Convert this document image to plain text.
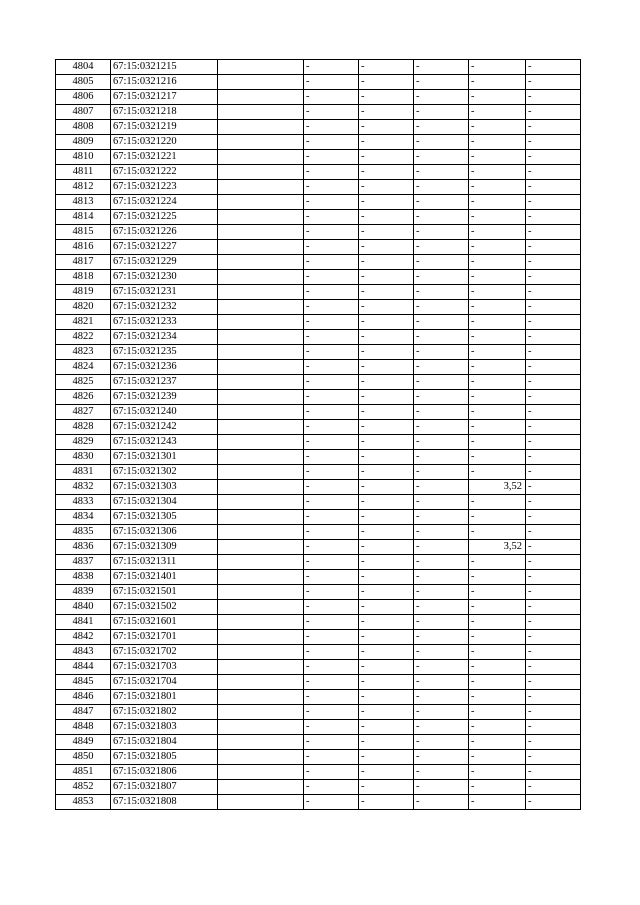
4804	67:15:0321215		-	-	-	-	-
4805	67:15:0321216		-	-	-	-	-
4806	67:15:0321217		-	-	-	-	-
4807	67:15:0321218		-	-	-	-	-
4808	67:15:0321219		-	-	-	-	-
4809	67:15:0321220		-	-	-	-	-
4810	67:15:0321221		-	-	-	-	-
4811	67:15:0321222		-	-	-	-	-
4812	67:15:0321223		-	-	-	-	-
4813	67:15:0321224		-	-	-	-	-
4814	67:15:0321225		-	-	-	-	-
4815	67:15:0321226		-	-	-	-	-
4816	67:15:0321227		-	-	-	-	-
4817	67:15:0321229		-	-	-	-	-
4818	67:15:0321230		-	-	-	-	-
4819	67:15:0321231		-	-	-	-	-
4820	67:15:0321232		-	-	-	-	-
4821	67:15:0321233		-	-	-	-	-
4822	67:15:0321234		-	-	-	-	-
4823	67:15:0321235		-	-	-	-	-
4824	67:15:0321236		-	-	-	-	-
4825	67:15:0321237		-	-	-	-	-
4826	67:15:0321239		-	-	-	-	-
4827	67:15:0321240		-	-	-	-	-
4828	67:15:0321242		-	-	-	-	-
4829	67:15:0321243		-	-	-	-	-
4830	67:15:0321301		-	-	-	-	-
4831	67:15:0321302		-	-	-	-	-
4832	67:15:0321303		-	-	-	3,52	-
4833	67:15:0321304		-	-	-	-	-
4834	67:15:0321305		-	-	-	-	-
4835	67:15:0321306		-	-	-	-	-
4836	67:15:0321309		-	-	-	3,52	-
4837	67:15:0321311		-	-	-	-	-
4838	67:15:0321401		-	-	-	-	-
4839	67:15:0321501		-	-	-	-	-
4840	67:15:0321502		-	-	-	-	-
4841	67:15:0321601		-	-	-	-	-
4842	67:15:0321701		-	-	-	-	-
4843	67:15:0321702		-	-	-	-	-
4844	67:15:0321703		-	-	-	-	-
4845	67:15:0321704		-	-	-	-	-
4846	67:15:0321801		-	-	-	-	-
4847	67:15:0321802		-	-	-	-	-
4848	67:15:0321803		-	-	-	-	-
4849	67:15:0321804		-	-	-	-	-
4850	67:15:0321805		-	-	-	-	-
4851	67:15:0321806		-	-	-	-	-
4852	67:15:0321807		-	-	-	-	-
4853	67:15:0321808		-	-	-	-	-
